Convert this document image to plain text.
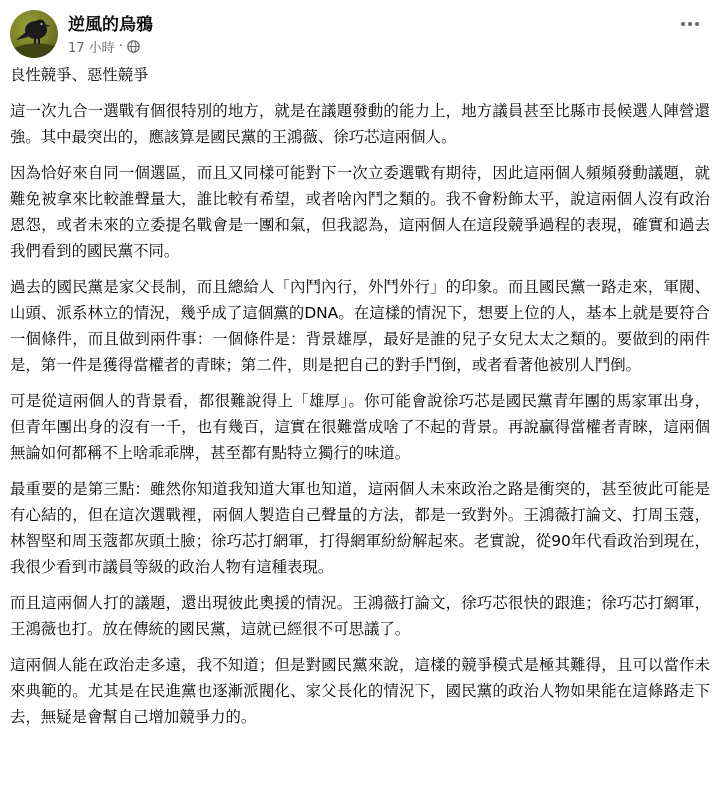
逆風的烏鴉
17 小時 ·

良性競爭、惡性競爭

這一次九合一選戰有個很特別的地方，就是在議題發動的能力上，地方議員甚至比縣市長候選人陣營還強。其中最突出的，應該算是國民黨的王鴻薇、徐巧芯這兩個人。

因為恰好來自同一個選區，而且又同樣可能對下一次立委選戰有期待，因此這兩個人頻頻發動議題，就難免被拿來比較誰聲量大，誰比較有希望，或者啥內鬥之類的。我不會粉飾太平，說這兩個人沒有政治恩怨，或者未來的立委提名戰會是一團和氣，但我認為，這兩個人在這段競爭過程的表現，確實和過去我們看到的國民黨不同。

過去的國民黨是家父長制，而且總給人「內鬥內行，外鬥外行」的印象。而且國民黨一路走來，軍閥、山頭、派系林立的情況，幾乎成了這個黨的DNA。在這樣的情況下，想要上位的人，基本上就是要符合一個條件，而且做到兩件事：一個條件是：背景雄厚，最好是誰的兒子女兒太太之類的。要做到的兩件是，第一件是獲得當權者的青睞；第二件，則是把自己的對手鬥倒，或者看著他被別人鬥倒。

可是從這兩個人的背景看，都很難說得上「雄厚」。你可能會說徐巧芯是國民黨青年團的馬家軍出身，但青年團出身的沒有一千，也有幾百，這實在很難當成啥了不起的背景。再說贏得當權者青睞，這兩個無論如何都稱不上啥乖乖牌，甚至都有點特立獨行的味道。

最重要的是第三點：雖然你知道我知道大軍也知道，這兩個人未來政治之路是衝突的，甚至彼此可能是有心結的，但在這次選戰裡，兩個人製造自己聲量的方法，都是一致對外。王鴻薇打論文、打周玉蔻，林智堅和周玉蔻都灰頭土臉；徐巧芯打網軍，打得網軍紛紛解起來。老實說，從90年代看政治到現在，我很少看到市議員等級的政治人物有這種表現。

而且這兩個人打的議題，還出現彼此奧援的情況。王鴻薇打論文，徐巧芯很快的跟進；徐巧芯打網軍，王鴻薇也打。放在傳統的國民黨，這就已經很不可思議了。

這兩個人能在政治走多遠，我不知道；但是對國民黨來說，這樣的競爭模式是極其難得，且可以當作未來典範的。尤其是在民進黨也逐漸派閥化、家父長化的情況下，國民黨的政治人物如果能在這條路走下去，無疑是會幫自己增加競爭力的。
